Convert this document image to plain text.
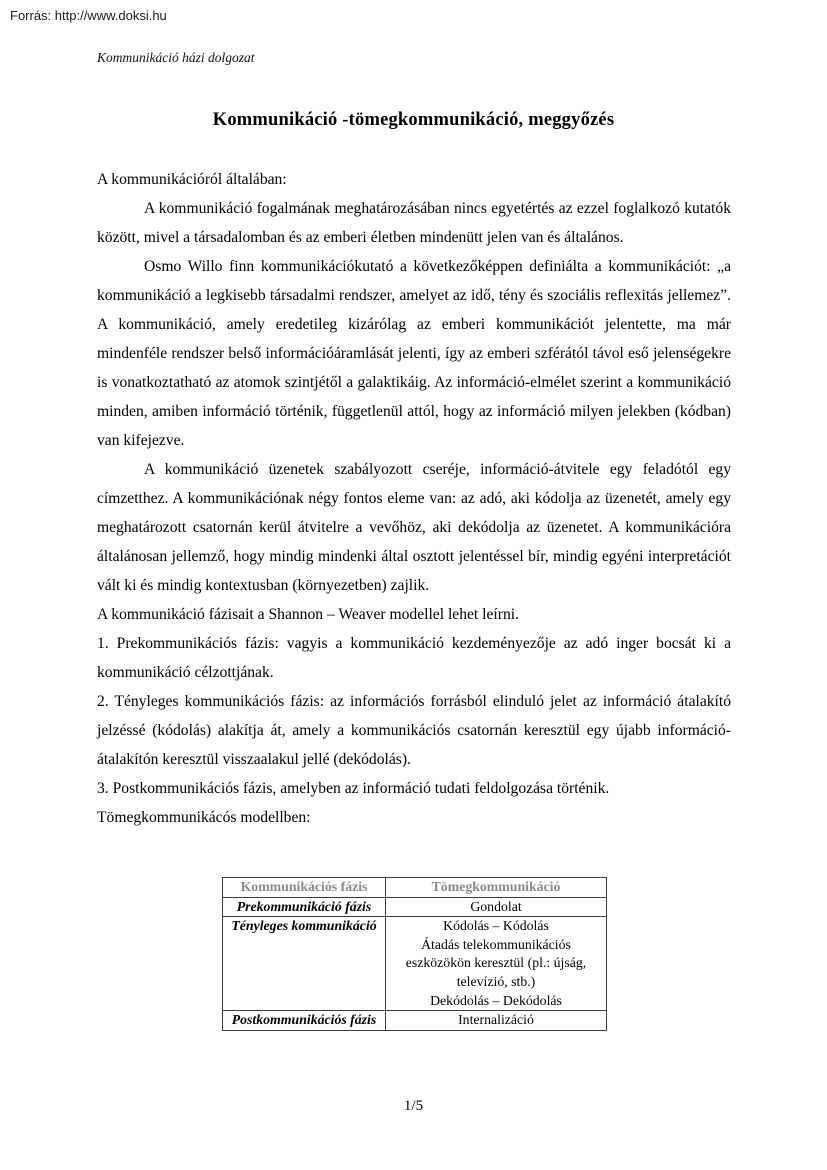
Forrás: http://www.doksi.hu
Kommunikáció házi dolgozat
Kommunikáció -tömegkommunikáció, meggyőzés

A kommunikációról általában:

A kommunikáció fogalmának meghatározásában nincs egyetértés az ezzel foglalkozó kutatók között, mivel a társadalomban és az emberi életben mindenütt jelen van és általános.

Osmo Willo finn kommunikációkutató a következőképpen definiálta a kommunikációt: „a kommunikáció a legkisebb társadalmi rendszer, amelyet az idő, tény és szociális reflexitás jellemez”. A kommunikáció, amely eredetileg kizárólag az emberi kommunikációt jelentette, ma már mindenféle rendszer belső információáramlását jelenti, így az emberi szférától távol eső jelenségekre is vonatkoztatható az atomok szintjétől a galaktikáig. Az információ-elmélet szerint a kommunikáció minden, amiben információ történik, függetlenül attól, hogy az információ milyen jelekben (kódban) van kifejezve.

A kommunikáció üzenetek szabályozott cseréje, információ-átvitele egy feladótól egy címzetthez. A kommunikációnak négy fontos eleme van: az adó, aki kódolja az üzenetét, amely egy meghatározott csatornán kerül átvitelre a vevőhöz, aki dekódolja az üzenetet. A kommunikációra általánosan jellemző, hogy mindig mindenki által osztott jelentéssel bír, mindig egyéni interpretációt vált ki és mindig kontextusban (környezetben) zajlik.

A kommunikáció fázisait a Shannon – Weaver modellel lehet leírni.

1. Prekommunikációs fázis: vagyis a kommunikáció kezdeményezője az adó inger bocsát ki a kommunikáció célzottjának.

2. Tényleges kommunikációs fázis: az információs forrásból elinduló jelet az információ átalakító jelzéssé (kódolás) alakítja át, amely a kommunikációs csatornán keresztül egy újabb információ-átalakítón keresztül visszaalakul jellé (dekódolás).

3. Postkommunikációs fázis, amelyben az információ tudati feldolgozása történik.

Tömegkommunikácós modellben:

Kommunikációs fázis	Tömegkommunikáció
Prekommunikáció fázis	Gondolat
Tényleges kommunikáció	Kódolás – Kódolás
Átadás telekommunikációs eszközökön keresztül (pl.: újság, televízió, stb.)
Dekódolás – Dekódolás

Postkommunikációs fázis	Internalizáció
1/5
